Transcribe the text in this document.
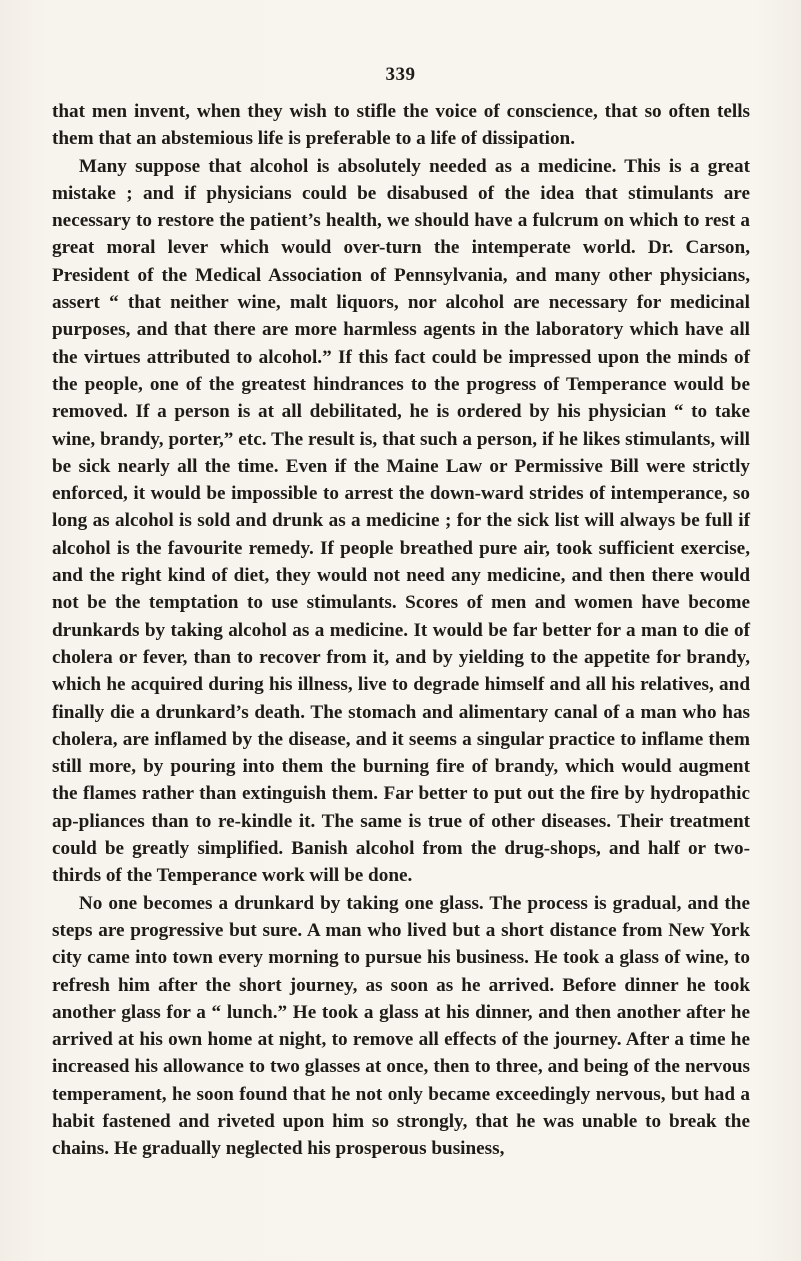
339

that men invent, when they wish to stifle the voice of conscience, that so often tells them that an abstemious life is preferable to a life of dissipation.

Many suppose that alcohol is absolutely needed as a medicine. This is a great mistake ; and if physicians could be disabused of the idea that stimulants are necessary to restore the patient’s health, we should have a fulcrum on which to rest a great moral lever which would over-turn the intemperate world. Dr. Carson, President of the Medical Association of Pennsylvania, and many other physicians, assert “ that neither wine, malt liquors, nor alcohol are necessary for medicinal purposes, and that there are more harmless agents in the laboratory which have all the virtues attributed to alcohol.” If this fact could be impressed upon the minds of the people, one of the greatest hindrances to the progress of Temperance would be removed. If a person is at all debilitated, he is ordered by his physician “ to take wine, brandy, porter,” etc. The result is, that such a person, if he likes stimulants, will be sick nearly all the time. Even if the Maine Law or Permissive Bill were strictly enforced, it would be impossible to arrest the down-ward strides of intemperance, so long as alcohol is sold and drunk as a medicine ; for the sick list will always be full if alcohol is the favourite remedy. If people breathed pure air, took sufficient exercise, and the right kind of diet, they would not need any medicine, and then there would not be the temptation to use stimulants. Scores of men and women have become drunkards by taking alcohol as a medicine. It would be far better for a man to die of cholera or fever, than to recover from it, and by yielding to the appetite for brandy, which he acquired during his illness, live to degrade himself and all his relatives, and finally die a drunkard’s death. The stomach and alimentary canal of a man who has cholera, are inflamed by the disease, and it seems a singular practice to inflame them still more, by pouring into them the burning fire of brandy, which would augment the flames rather than extinguish them. Far better to put out the fire by hydropathic ap-pliances than to re-kindle it. The same is true of other diseases. Their treatment could be greatly simplified. Banish alcohol from the drug-shops, and half or two-thirds of the Temperance work will be done.

No one becomes a drunkard by taking one glass. The process is gradual, and the steps are progressive but sure. A man who lived but a short distance from New York city came into town every morning to pursue his business. He took a glass of wine, to refresh him after the short journey, as soon as he arrived. Before dinner he took another glass for a “ lunch.” He took a glass at his dinner, and then another after he arrived at his own home at night, to remove all effects of the journey. After a time he increased his allowance to two glasses at once, then to three, and being of the nervous temperament, he soon found that he not only became exceedingly nervous, but had a habit fastened and riveted upon him so strongly, that he was unable to break the chains. He gradually neglected his prosperous business,
